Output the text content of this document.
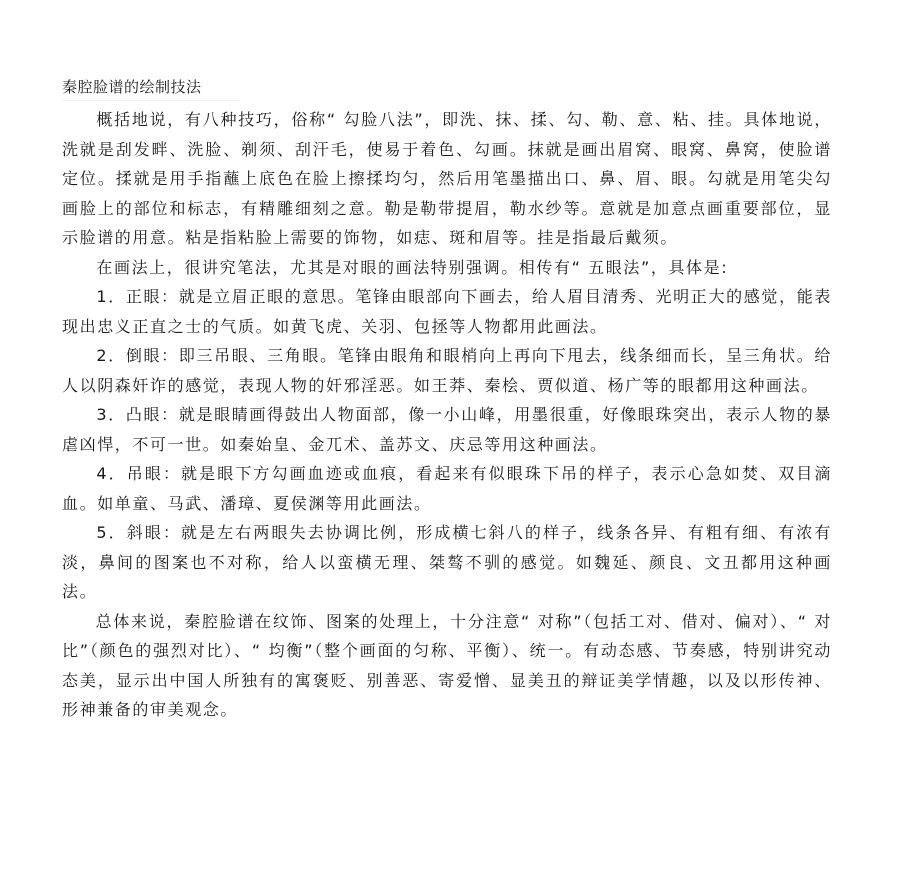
秦腔脸谱的绘制技法

概括地说，有八种技巧，俗称“ 勾脸八法”，即洗、抹、揉、勾、勒、意、粘、挂。具体地说，洗就是刮发畔、洗脸、剃须、刮汗毛，使易于着色、勾画。抹就是画出眉窝、眼窝、鼻窝，使脸谱定位。揉就是用手指蘸上底色在脸上擦揉均匀，然后用笔墨描出口、鼻、眉、眼。勾就是用笔尖勾画脸上的部位和标志，有精雕细刻之意。勒是勒带提眉，勒水纱等。意就是加意点画重要部位，显示脸谱的用意。粘是指粘脸上需要的饰物，如痣、斑和眉等。挂是指最后戴须。

在画法上，很讲究笔法，尤其是对眼的画法特别强调。相传有“ 五眼法”，具体是:

1．正眼：就是立眉正眼的意思。笔锋由眼部向下画去，给人眉目清秀、光明正大的感觉，能表现出忠义正直之士的气质。如黄飞虎、关羽、包拯等人物都用此画法。

2．倒眼：即三吊眼、三角眼。笔锋由眼角和眼梢向上再向下甩去，线条细而长，呈三角状。给人以阴森奸诈的感觉，表现人物的奸邪淫恶。如王莽、秦桧、贾似道、杨广等的眼都用这种画法。

3．凸眼：就是眼睛画得鼓出人物面部，像一小山峰，用墨很重，好像眼珠突出，表示人物的暴虐凶悍，不可一世。如秦始皇、金兀术、盖苏文、庆忌等用这种画法。

4．吊眼：就是眼下方勾画血迹或血痕，看起来有似眼珠下吊的样子，表示心急如焚、双目滴血。如单童、马武、潘璋、夏侯渊等用此画法。

5．斜眼：就是左右两眼失去协调比例，形成横七斜八的样子，线条各异、有粗有细、有浓有淡，鼻间的图案也不对称，给人以蛮横无理、桀骜不驯的感觉。如魏延、颜良、文丑都用这种画法。

总体来说，秦腔脸谱在纹饰、图案的处理上，十分注意“ 对称”（包括工对、借对、偏对）、“ 对比”（颜色的强烈对比）、“ 均衡”（整个画面的匀称、平衡）、统一。有动态感、节奏感，特别讲究动态美，显示出中国人所独有的寓褒贬、别善恶、寄爱憎、显美丑的辩证美学情趣，以及以形传神、形神兼备的审美观念。
